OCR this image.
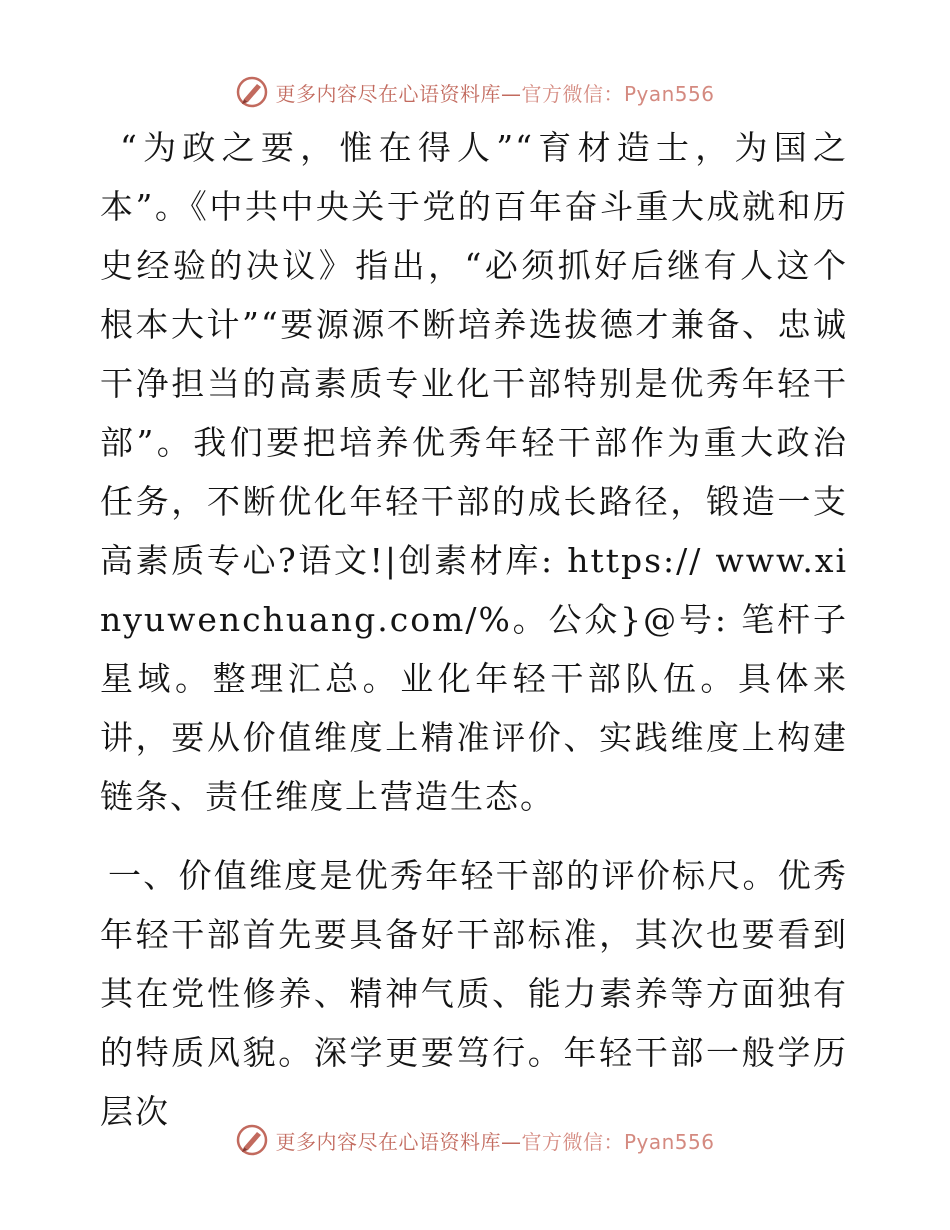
更多内容尽在心语资料库—官方微信：Pyan556

“为政之要，惟在得人”“育材造士，为国之本”。《中共中央关于党的百年奋斗重大成就和历史经验的决议》指出，“必须抓好后继有人这个根本大计”“要源源不断培养选拔德才兼备、忠诚干净担当的高素质专业化干部特别是优秀年轻干部”。我们要把培养优秀年轻干部作为重大政治任务，不断优化年轻干部的成长路径，锻造一支高素质专心?语文!|创素材库: https:// www.xinyuwenchuang.com/%。公众}@号: 笔杆子星域。整理汇总。业化年轻干部队伍。具体来讲，要从价值维度上精准评价、实践维度上构建链条、责任维度上营造生态。

一、价值维度是优秀年轻干部的评价标尺。优秀年轻干部首先要具备好干部标准，其次也要看到其在党性修养、精神气质、能力素养等方面独有的特质风貌。深学更要笃行。年轻干部一般学历层次

更多内容尽在心语资料库—官方微信：Pyan556
